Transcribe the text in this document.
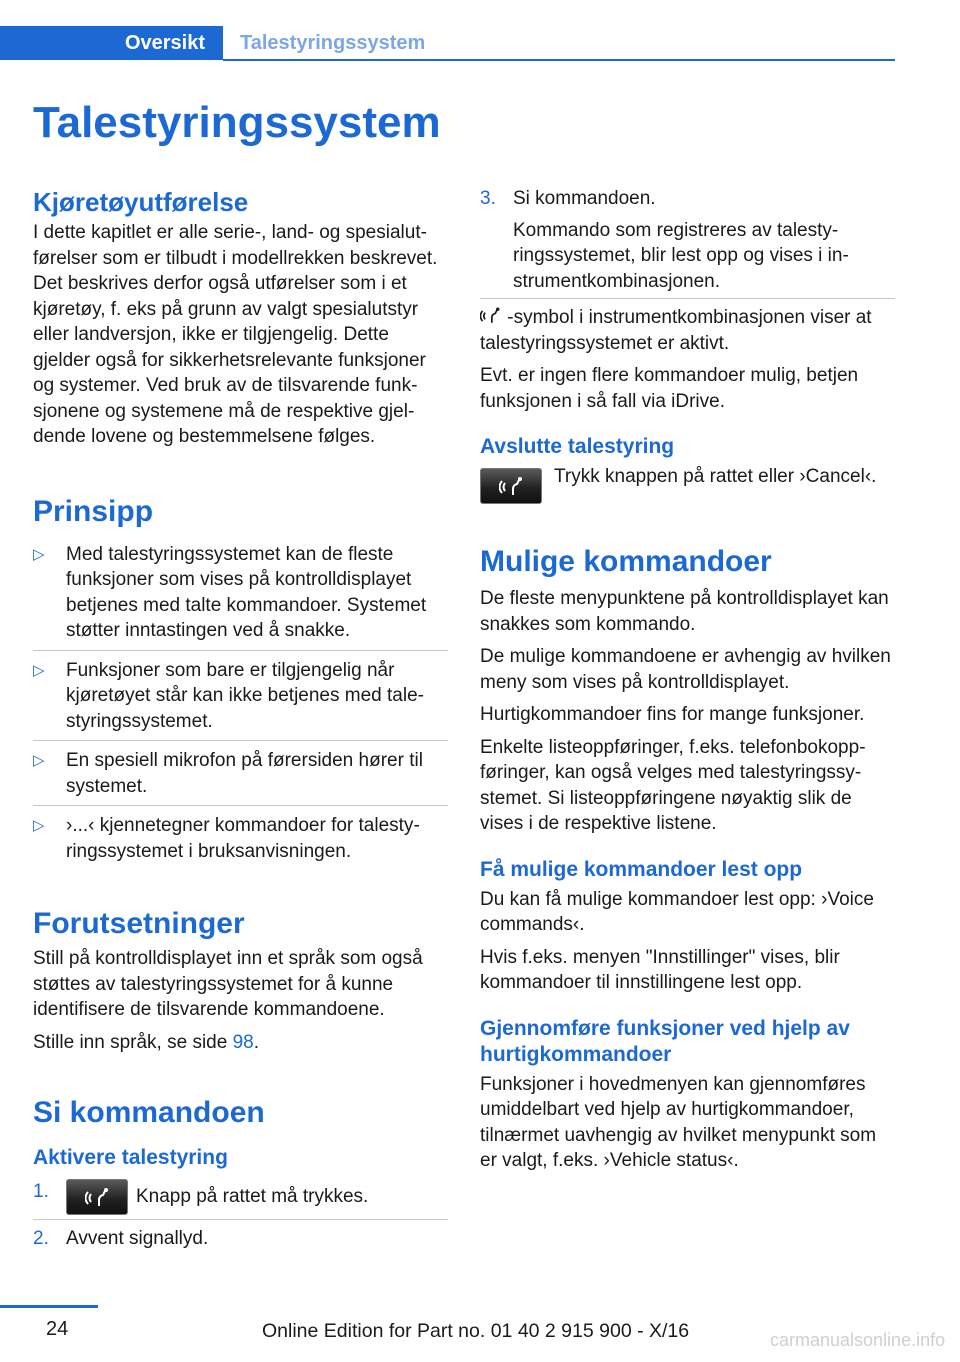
Oversikt	Talestyringssystem
Talestyringssystem
Kjøretøyutførelse

I dette kapitlet er alle serie-, land- og spesialutførelser som er tilbudt i modellrekken beskrevet. Det beskrives derfor også utførelser som i et kjøretøy, f. eks på grunn av valgt spesialutstyr eller landversjon, ikke er tilgjengelig. Dette gjelder også for sikkerhetsrelevante funksjoner og systemer. Ved bruk av de tilsvarende funksjonene og systemene må de respektive gjeldende lovene og bestemmelsene følges.

Prinsipp
▷ Med talestyringssystemet kan de fleste funksjoner som vises på kontrolldisplayet betjenes med talte kommandoer. Systemet støtter inntastingen ved å snakke.
▷ Funksjoner som bare er tilgjengelig når kjøretøyet står kan ikke betjenes med talestyringssystemet.
▷ En spesiell mikrofon på førersiden hører til systemet.
▷ ›...‹ kjennetegner kommandoer for talestyringssystemet i bruksanvisningen.
Forutsetninger

Still på kontrolldisplayet inn et språk som også støttes av talestyringssystemet for å kunne identifisere de tilsvarende kommandoene.

Stille inn språk, se side 98.

Si kommandoen
Aktivere talestyring
1.	Knapp på rattet må trykkes.
2. Avvent signallyd.
3. Si kommandoen.
Kommando som registreres av talestyringssystemet, blir lest opp og vises i instrumentkombinasjonen.

-symbol i instrumentkombinasjonen viser at talestyringssystemet er aktivt.

Evt. er ingen flere kommandoer mulig, betjen funksjonen i så fall via iDrive.

Avslutte talestyring

Trykk knappen på rattet eller ›Cancel‹.

Mulige kommandoer

De fleste menypunktene på kontrolldisplayet kan snakkes som kommando.

De mulige kommandoene er avhengig av hvilken meny som vises på kontrolldisplayet.

Hurtigkommandoer fins for mange funksjoner.

Enkelte listeoppføringer, f.eks. telefonbokoppføringer, kan også velges med talestyringssystemet. Si listeoppføringene nøyaktig slik de vises i de respektive listene.

Få mulige kommandoer lest opp

Du kan få mulige kommandoer lest opp: ›Voice commands‹.

Hvis f.eks. menyen "Innstillinger" vises, blir kommandoer til innstillingene lest opp.

Gjennomføre funksjoner ved hjelp av hurtigkommandoer

Funksjoner i hovedmenyen kan gjennomføres umiddelbart ved hjelp av hurtigkommandoer, tilnærmet uavhengig av hvilket menypunkt som er valgt, f.eks. ›Vehicle status‹.

24	Online Edition for Part no. 01 40 2 915 900 - X/16	carmanualsonline.info
